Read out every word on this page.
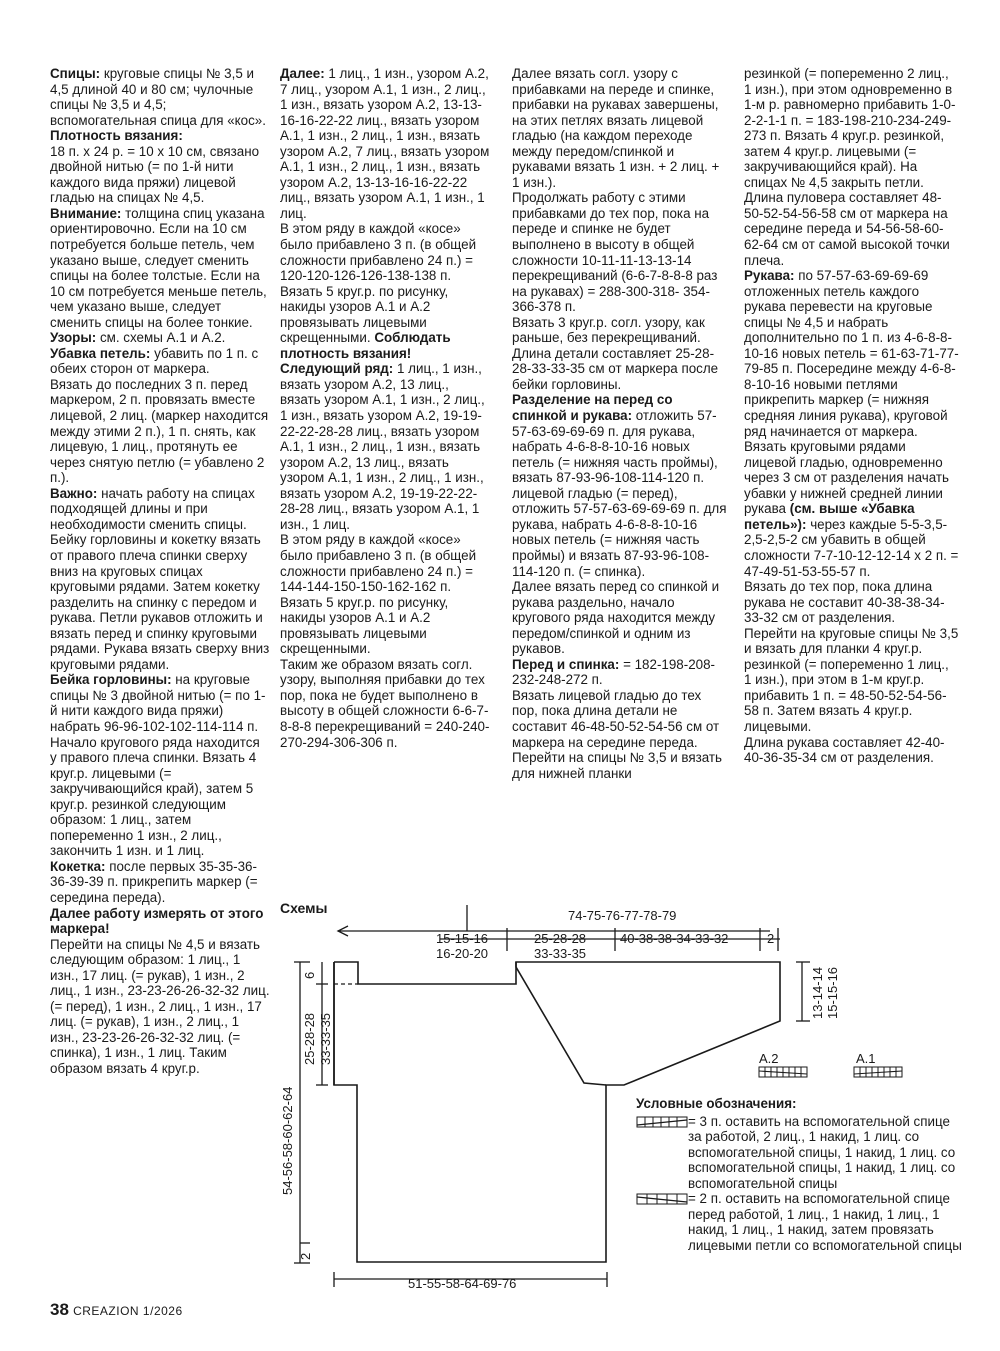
Спицы: круговые спицы № 3,5 и 4,5 длиной 40 и 80 см; чулочные спицы № 3,5 и 4,5; вспомогательная спица для «кос».

Плотность вязания:

18 п. х 24 р. = 10 х 10 см, связано двойной нитью (= по 1-й нити каждого вида пряжи) лицевой гладью на спицах № 4,5.

Внимание: толщина спиц указана ориентировочно. Если на 10 см потребуется больше петель, чем указано выше, следует сменить спицы на более толстые. Если на 10 см потребуется меньше петель, чем указано выше, следует сменить спицы на более тонкие.

Узоры: см. схемы А.1 и А.2.

Убавка петель: убавить по 1 п. с обеих сторон от маркера.

Вязать до последних 3 п. перед маркером, 2 п. провязать вместе лицевой, 2 лиц. (маркер находится между этими 2 п.), 1 п. снять, как лицевую, 1 лиц., протянуть ее через снятую петлю (= убавлено 2 п.).

Важно: начать работу на спицах подходящей длины и при необходимости сменить спицы.

Бейку горловины и кокетку вязать от правого плеча спинки сверху вниз на круговых спицах круговыми рядами. Затем кокетку разделить на спинку с передом и рукава. Петли рукавов отложить и вязать перед и спинку круговыми рядами. Рукава вязать сверху вниз круговыми рядами.

Бейка горловины: на круговые спицы № 3 двойной нитью (= по 1-й нити каждого вида пряжи) набрать 96-96-102-102-114-114 п. Начало кругового ряда находится у правого плеча спинки. Вязать 4 круг.р. лицевыми (= закручивающийся край), затем 5 круг.р. резинкой следующим образом: 1 лиц., затем попеременно 1 изн., 2 лиц., закончить 1 изн. и 1 лиц.

Кокетка: после первых 35-35-36-36-39-39 п. прикрепить маркер (= середина переда).

Далее работу измерять от этого маркера!

Перейти на спицы № 4,5 и вязать следующим образом: 1 лиц., 1 изн., 17 лиц. (= рукав), 1 изн., 2 лиц., 1 изн., 23-23-26-26-32-32 лиц. (= перед), 1 изн., 2 лиц., 1 изн., 17 лиц. (= рукав), 1 изн., 2 лиц., 1 изн., 23-23-26-26-32-32 лиц. (= спинка), 1 изн., 1 лиц. Таким образом вязать 4 круг.р.

Далее: 1 лиц., 1 изн., узором А.2, 7 лиц., узором А.1, 1 изн., 2 лиц., 1 изн., вязать узором А.2, 13-13-16-16-22-22 лиц., вязать узором А.1, 1 изн., 2 лиц., 1 изн., вязать узором А.2, 7 лиц., вязать узором А.1, 1 изн., 2 лиц., 1 изн., вязать узором А.2, 13-13-16-16-22-22 лиц., вязать узором А.1, 1 изн., 1 лиц.

В этом ряду в каждой «косе» было прибавлено 3 п. (в общей сложности прибавлено 24 п.) = 120-120-126-126-138-138 п.

Вязать 5 круг.р. по рисунку, накиды узоров А.1 и А.2 провязывать лицевыми скрещенными. Соблюдать плотность вязания!

Следующий ряд: 1 лиц., 1 изн., вязать узором А.2, 13 лиц., вязать узором А.1, 1 изн., 2 лиц., 1 изн., вязать узором А.2, 19-19-22-22-28-28 лиц., вязать узором А.1, 1 изн., 2 лиц., 1 изн., вязать узором А.2, 13 лиц., вязать узором А.1, 1 изн., 2 лиц., 1 изн., вязать узором А.2, 19-19-22-22-28-28 лиц., вязать узором А.1, 1 изн., 1 лиц.

В этом ряду в каждой «косе» было прибавлено 3 п. (в общей сложности прибавлено 24 п.) = 144-144-150-150-162-162 п.

Вязать 5 круг.р. по рисунку, накиды узоров А.1 и А.2 провязывать лицевыми скрещенными.

Таким же образом вязать согл. узору, выполняя прибавки до тех пор, пока не будет выполнено в высоту в общей сложности 6-6-7-8-8-8 перекрещиваний = 240-240-270-294-306-306 п.

Далее вязать согл. узору с прибавками на переде и спинке, прибавки на рукавах завершены, на этих петлях вязать лицевой гладью (на каждом переходе между передом/спинкой и рукавами вязать 1 изн. + 2 лиц. + 1 изн.).

Продолжать работу с этими прибавками до тех пор, пока на переде и спинке не будет выполнено в высоту в общей сложности 10-11-11-13-13-14 перекрещиваний (6-6-7-8-8-8 раз на рукавах) = 288-300-318- 354-366-378 п.

Вязать 3 круг.р. согл. узору, как раньше, без перекрещиваний. Длина детали составляет 25-28-28-33-33-35 см от маркера после бейки горловины.

Разделение на перед со спинкой и рукава: отложить 57-57-63-69-69-69 п. для рукава, набрать 4-6-8-8-10-16 новых петель (= нижняя часть проймы), вязать 87-93-96-108-114-120 п. лицевой гладью (= перед), отложить 57-57-63-69-69-69 п. для рукава, набрать 4-6-8-8-10-16 новых петель (= нижняя часть проймы) и вязать 87-93-96-108-114-120 п. (= спинка).

Далее вязать перед со спинкой и рукава раздельно, начало кругового ряда находится между передом/спинкой и одним из рукавов.

Перед и спинка: = 182-198-208-232-248-272 п.

Вязать лицевой гладью до тех пор, пока длина детали не составит 46-48-50-52-54-56 см от маркера на середине переда.

Перейти на спицы № 3,5 и вязать для нижней планки

резинкой (= попеременно 2 лиц., 1 изн.), при этом одновременно в 1-м р. равномерно прибавить 1-0-2-2-1-1 п. = 183-198-210-234-249-273 п. Вязать 4 круг.р. резинкой, затем 4 круг.р. лицевыми (= закручивающийся край). На спицах № 4,5 закрыть петли. Длина пуловера составляет 48-50-52-54-56-58 см от маркера на середине переда и 54-56-58-60-62-64 см от самой высокой точки плеча.

Рукава: по 57-57-63-69-69-69 отложенных петель каждого рукава перевести на круговые спицы № 4,5 и набрать дополнительно по 1 п. из 4-6-8-8-10-16 новых петель = 61-63-71-77-79-85 п. Посередине между 4-6-8-8-10-16 новыми петлями прикрепить маркер (= нижняя средняя линия рукава), круговой ряд начинается от маркера.

Вязать круговыми рядами лицевой гладью, одновременно через 3 см от разделения начать убавки у нижней средней линии рукава (см. выше «Убавка петель»): через каждые 5-5-3,5-2,5-2,5-2 см убавить в общей сложности 7-7-10-12-12-14 х 2 п. = 47-49-51-53-55-57 п.

Вязать до тех пор, пока длина рукава не составит 40-38-38-34-33-32 см от разделения.

Перейти на круговые спицы № 3,5 и вязать для планки 4 круг.р. резинкой (= попеременно 1 лиц., 1 изн.), при этом в 1-м круг.р. прибавить 1 п. = 48-50-52-54-56-58 п. Затем вязать 4 круг.р. лицевыми.

Длина рукава составляет 42-40-40-36-35-34 см от разделения.

Схемы	74-75-76-77-78-79
15-15-16
16-20-20
25-28-28
33-33-35
40-38-38-34-33-32	2
6
25-28-28 33-33-35
54-56-58-60-62-64
2
13-14-14 15-15-16
51-55-58-64-69-76
A.2	A.1
Условные обозначения:
= 3 п. оставить на вспомогательной спице за работой, 2 лиц., 1 накид, 1 лиц. со вспомогательной спицы, 1 накид, 1 лиц. со вспомогательной спицы, 1 накид, 1 лиц. со вспомогательной спицы
= 2 п. оставить на вспомогательной спице перед работой, 1 лиц., 1 накид, 1 лиц., 1 накид, 1 лиц., 1 накид, затем провязать лицевыми петли со вспомогательной спицы
38 CREAZION 1/2026
